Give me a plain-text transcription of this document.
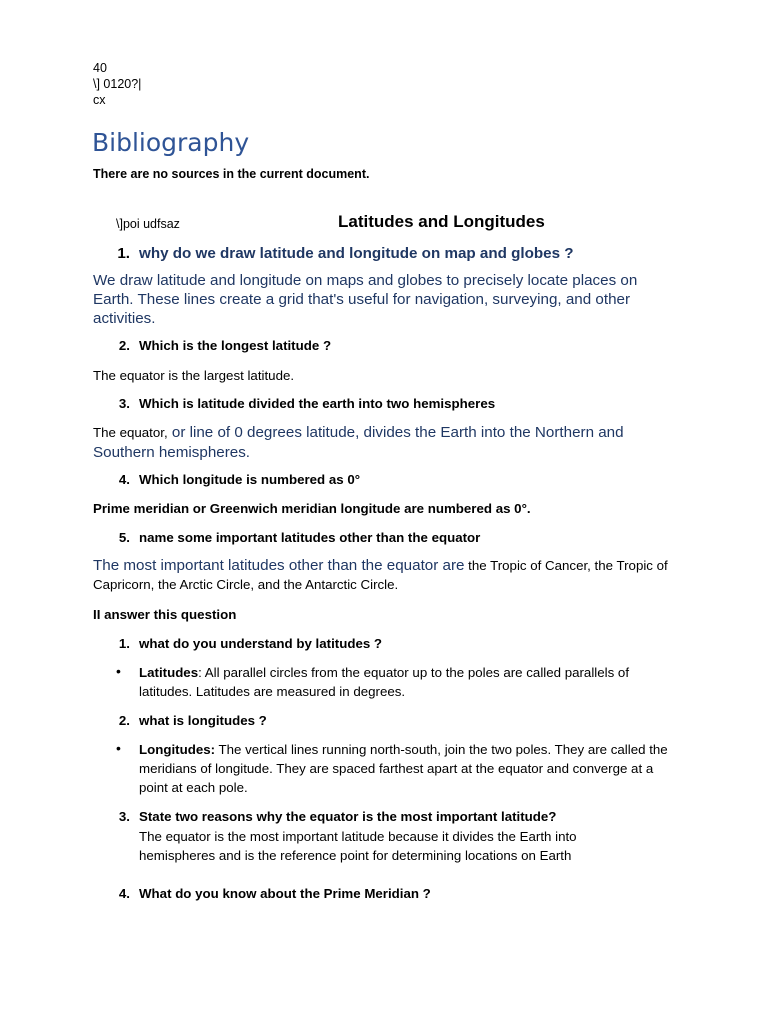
40
\] 0120?|
cx
Bibliography
There are no sources in the current document.
\]poi udfsaz	Latitudes and Longitudes
1. why do we draw latitude and longitude on map and globes ?
We draw latitude and longitude on maps and globes to precisely locate places on Earth. These lines create a grid that's useful for navigation, surveying, and other activities.
2. Which is the longest latitude ?
The equator is the largest latitude.
3. Which is latitude divided the earth into two hemispheres
The equator, or line of 0 degrees latitude, divides the Earth into the Northern and Southern hemispheres.
4. Which longitude is numbered as 0°
Prime meridian or Greenwich meridian longitude are numbered as 0°.
5. name some important latitudes other than the equator
The most important latitudes other than the equator are the Tropic of Cancer, the Tropic of Capricorn, the Arctic Circle, and the Antarctic Circle.
II answer this question
1. what do you understand by latitudes ?
• Latitudes: All parallel circles from the equator up to the poles are called parallels of latitudes. Latitudes are measured in degrees.
2. what is longitudes ?
• Longitudes: The vertical lines running north-south, join the two poles. They are called the meridians of longitude. They are spaced farthest apart at the equator and converge at a point at each pole.
3. State two reasons why the equator is the most important latitude?
The equator is the most important latitude because it divides the Earth into hemispheres and is the reference point for determining locations on Earth
4. What do you know about the Prime Meridian ?
